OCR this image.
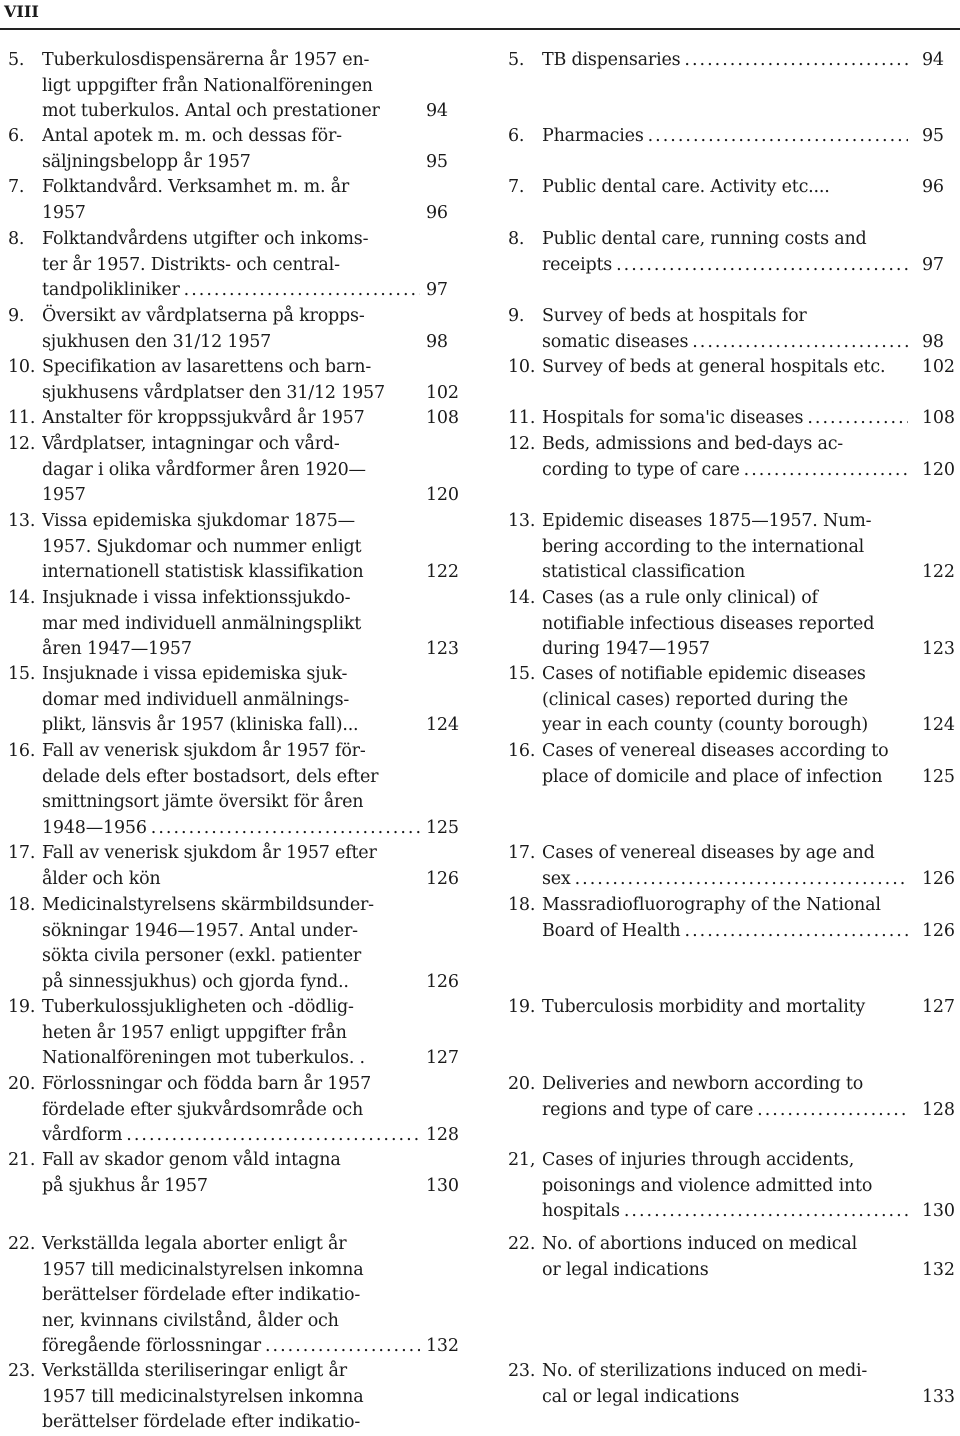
VIII
5. Tuberkulosdispensärerna år 1957 en-
ligt uppgifter från Nationalföreningen
mot tuberkulos. Antal och prestationer	94
6. Antal apotek m. m. och dessas för-
säljningsbelopp år 1957	95
7. Folktandvård. Verksamhet m. m. år
1957	96
8. Folktandvårdens utgifter och inkoms-
ter år 1957. Distrikts- och central-
tandpolikliniker .....	97
9. Översikt av vårdplatserna på kropps-
sjukhusen den 31/12 1957	98
10. Specifikation av lasarettens och barn-
sjukhusens vårdplatser den 31/12 1957 102
11. Anstalter för kroppssjukvård år 1957	108
12. Vårdplatser, intagningar och vård-
dagar i olika vårdformer åren 1920—
1957	120
13. Vissa epidemiska sjukdomar 1875—
1957. Sjukdomar och nummer enligt
internationell statistisk klassifikation	122
14. Insjuknade i vissa infektionssjukdo-
mar med individuell anmälningsplikt
åren 1947—1957	123
15. Insjuknade i vissa epidemiska sjuk-
domar med individuell anmälnings-
plikt, länsvis år 1957 (kliniska fall)...	124
16. Fall av venerisk sjukdom år 1957 för-
delade dels efter bostadsort, dels efter
smittningsort jämte översikt för åren
1948—1956 .....	125
17. Fall av venerisk sjukdom år 1957 efter
ålder och kön	126
18. Medicinalstyrelsens skärmbildsunder-
sökningar 1946—1957. Antal under-
sökta civila personer (exkl. patienter
på sinnessjukhus) och gjorda fynd..	126
19. Tuberkulossjukligheten och -dödlig-
heten år 1957 enligt uppgifter från
Nationalföreningen mot tuberkulos. .	127
20. Förlossningar och födda barn år 1957
fördelade efter sjukvårdsområde och
vårdform .....	128
21. Fall av skador genom våld intagna
på sjukhus år 1957	130
22. Verkställda legala aborter enligt år
1957 till medicinalstyrelsen inkomna
berättelser fördelade efter indikatio-
ner, kvinnans civilstånd, ålder och
föregående förlossningar .....	132
23. Verkställda steriliseringar enligt år
1957 till medicinalstyrelsen inkomna
berättelser fördelade efter indikatio-
5. TB dispensaries .....	94
6. Pharmacies .....	95
7. Public dental care. Activity etc....	96
8. Public dental care, running costs and
receipts .....	97
9. Survey of beds at hospitals for
somatic diseases .....	98
10. Survey of beds at general hospitals etc. 102
11. Hospitals for soma'ic diseases .....	108
12. Beds, admissions and bed-days ac-
cording to type of care .....	120
13. Epidemic diseases 1875—1957. Num-
bering according to the international
statistical classification	122
14. Cases (as a rule only clinical) of
notifiable infectious diseases reported
during 1947—1957	123
15. Cases of notifiable epidemic diseases
(clinical cases) reported during the
year in each county (county borough)	124
16. Cases of venereal diseases according to
place of domicile and place of infection 125
17. Cases of venereal diseases by age and
sex .....	126
18. Massradiofluorography of the National
Board of Health .....	126
19. Tuberculosis morbidity and mortality	127
20. Deliveries and newborn according to
regions and type of care .....	128
21, Cases of injuries through accidents,
poisonings and violence admitted into
hospitals .....	130
22. No. of abortions induced on medical
or legal indications	132
23. No. of sterilizations induced on medi-
cal or legal indications	133
